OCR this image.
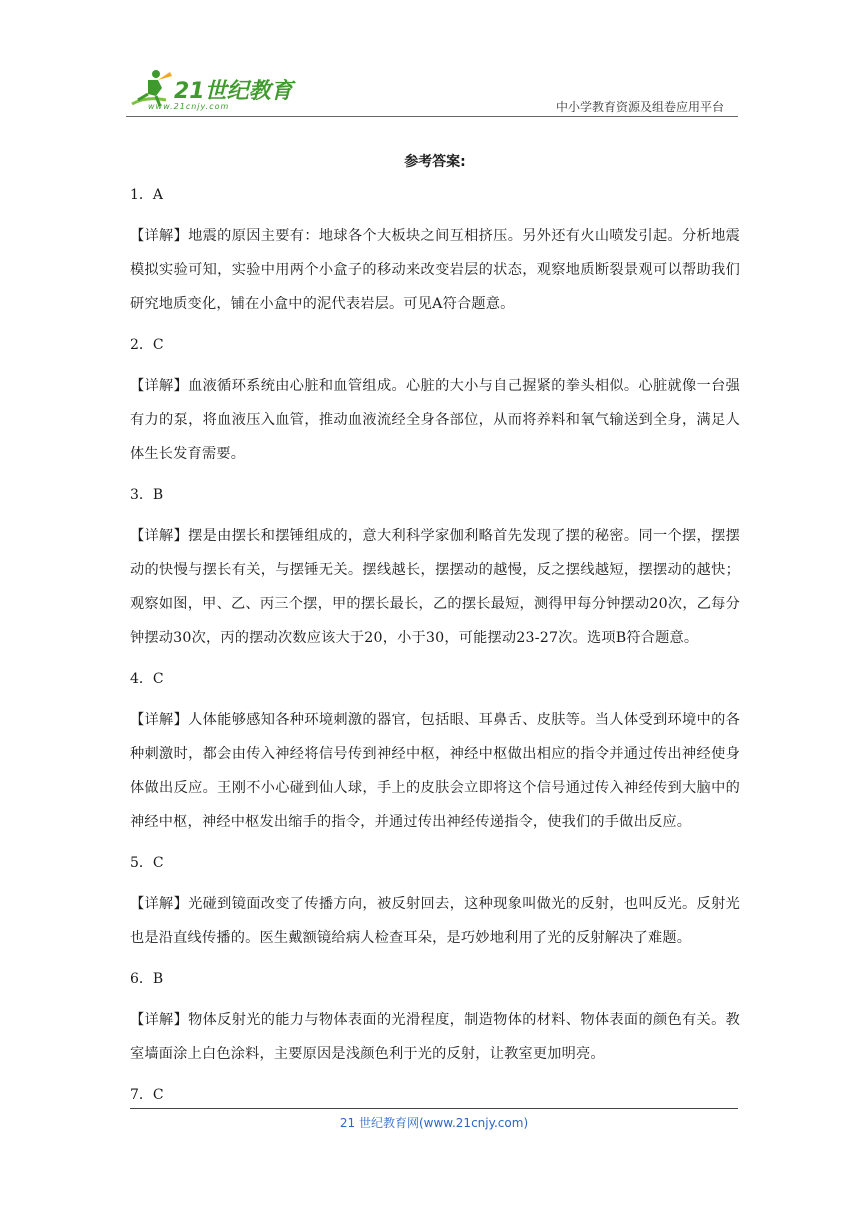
21世纪教育
www.21cnjy.com	中小学教育资源及组卷应用平台
参考答案:
1．A
【详解】地震的原因主要有：地球各个大板块之间互相挤压。另外还有火山喷发引起。分析地震模拟实验可知，实验中用两个小盒子的移动来改变岩层的状态，观察地质断裂景观可以帮助我们研究地质变化，铺在小盒中的泥代表岩层。可见A符合题意。
2．C
【详解】血液循环系统由心脏和血管组成。心脏的大小与自己握紧的拳头相似。心脏就像一台强有力的泵，将血液压入血管，推动血液流经全身各部位，从而将养料和氧气输送到全身，满足人体生长发育需要。
3．B
【详解】摆是由摆长和摆锤组成的，意大利科学家伽利略首先发现了摆的秘密。同一个摆，摆摆动的快慢与摆长有关，与摆锤无关。摆线越长，摆摆动的越慢，反之摆线越短，摆摆动的越快；观察如图，甲、乙、丙三个摆，甲的摆长最长，乙的摆长最短，测得甲每分钟摆动20次，乙每分钟摆动30次，丙的摆动次数应该大于20，小于30，可能摆动23-27次。选项B符合题意。
4．C
【详解】人体能够感知各种环境刺激的器官，包括眼、耳鼻舌、皮肤等。当人体受到环境中的各种刺激时，都会由传入神经将信号传到神经中枢，神经中枢做出相应的指令并通过传出神经使身体做出反应。王刚不小心碰到仙人球，手上的皮肤会立即将这个信号通过传入神经传到大脑中的神经中枢，神经中枢发出缩手的指令，并通过传出神经传递指令，使我们的手做出反应。
5．C
【详解】光碰到镜面改变了传播方向，被反射回去，这种现象叫做光的反射，也叫反光。反射光也是沿直线传播的。医生戴额镜给病人检查耳朵，是巧妙地利用了光的反射解决了难题。
6．B
【详解】物体反射光的能力与物体表面的光滑程度，制造物体的材料、物体表面的颜色有关。教室墙面涂上白色涂料，主要原因是浅颜色利于光的反射，让教室更加明亮。
7．C
21 世纪教育网(www.21cnjy.com)
